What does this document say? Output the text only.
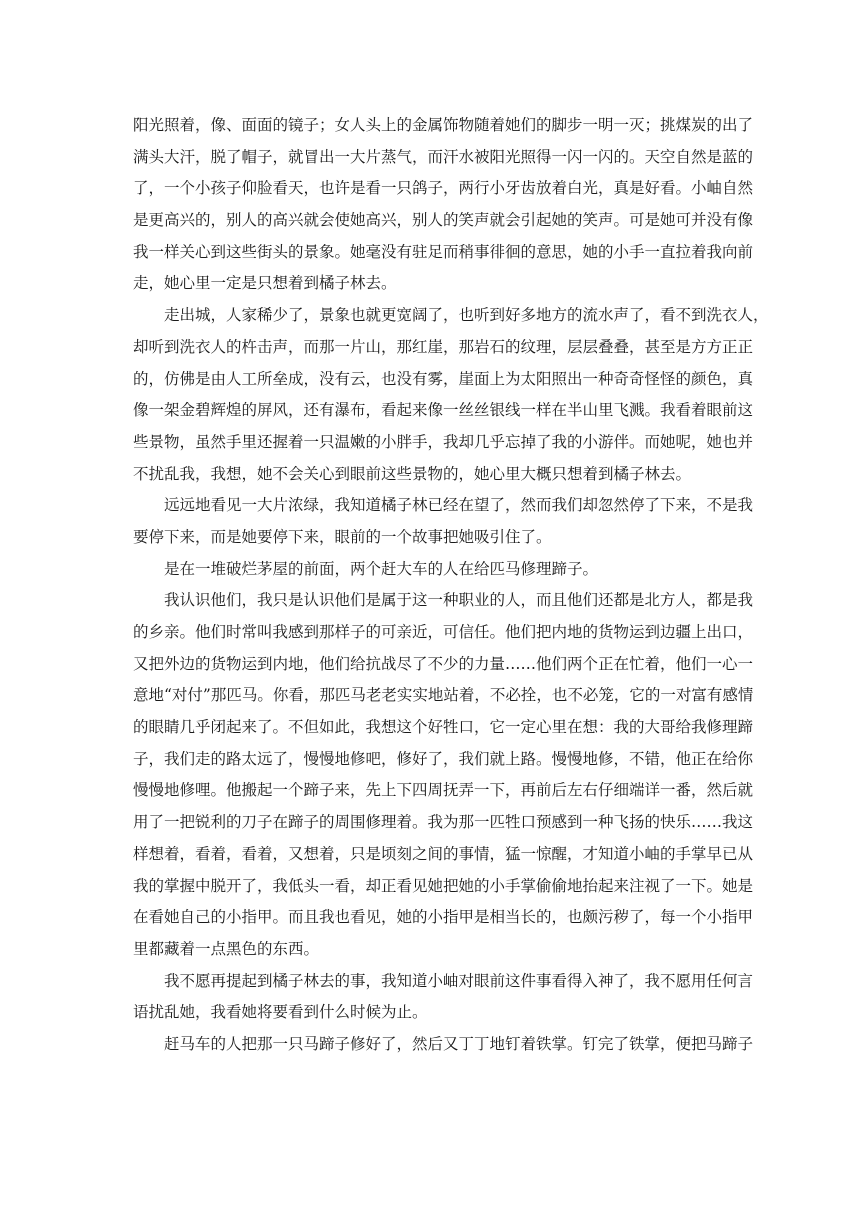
阳光照着，像、面面的镜子；女人头上的金属饰物随着她们的脚步一明一灭；挑煤炭的出了
满头大汗，脱了帽子，就冒出一大片蒸气，而汗水被阳光照得一闪一闪的。天空自然是蓝的
了，一个小孩子仰脸看天，也许是看一只鸽子，两行小牙齿放着白光，真是好看。小岫自然
是更高兴的，别人的高兴就会使她高兴，别人的笑声就会引起她的笑声。可是她可并没有像
我一样关心到这些街头的景象。她毫没有驻足而稍事徘徊的意思，她的小手一直拉着我向前
走，她心里一定是只想着到橘子林去。
走出城，人家稀少了，景象也就更宽阔了，也听到好多地方的流水声了，看不到洗衣人，
却听到洗衣人的杵击声，而那一片山，那红崖，那岩石的纹理，层层叠叠，甚至是方方正正
的，仿佛是由人工所垒成，没有云，也没有雾，崖面上为太阳照出一种奇奇怪怪的颜色，真
像一架金碧辉煌的屏风，还有瀑布，看起来像一丝丝银线一样在半山里飞溅。我看着眼前这
些景物，虽然手里还握着一只温嫩的小胖手，我却几乎忘掉了我的小游伴。而她呢，她也并
不扰乱我，我想，她不会关心到眼前这些景物的，她心里大概只想着到橘子林去。
远远地看见一大片浓绿，我知道橘子林已经在望了，然而我们却忽然停了下来，不是我
要停下来，而是她要停下来，眼前的一个故事把她吸引住了。
是在一堆破烂茅屋的前面，两个赶大车的人在给匹马修理蹄子。
我认识他们，我只是认识他们是属于这一种职业的人，而且他们还都是北方人，都是我
的乡亲。他们时常叫我感到那样子的可亲近，可信任。他们把内地的货物运到边疆上出口，
又把外边的货物运到内地，他们给抗战尽了不少的力量……他们两个正在忙着，他们一心一
意地“对付”那匹马。你看，那匹马老老实实地站着，不必拴，也不必笼，它的一对富有感情
的眼睛几乎闭起来了。不但如此，我想这个好牲口，它一定心里在想：我的大哥给我修理蹄
子，我们走的路太远了，慢慢地修吧，修好了，我们就上路。慢慢地修，不错，他正在给你
慢慢地修哩。他搬起一个蹄子来，先上下四周抚弄一下，再前后左右仔细端详一番，然后就
用了一把锐利的刀子在蹄子的周围修理着。我为那一匹牲口预感到一种飞扬的快乐……我这
样想着，看着，看着，又想着，只是顷刻之间的事情，猛一惊醒，才知道小岫的手掌早已从
我的掌握中脱开了，我低头一看，却正看见她把她的小手掌偷偷地抬起来注视了一下。她是
在看她自己的小指甲。而且我也看见，她的小指甲是相当长的，也颇污秽了，每一个小指甲
里都藏着一点黑色的东西。
我不愿再提起到橘子林去的事，我知道小岫对眼前这件事看得入神了，我不愿用任何言
语扰乱她，我看她将要看到什么时候为止。
赶马车的人把那一只马蹄子修好了，然后又丁丁地钉着铁掌。钉完了铁掌，便把马蹄子
